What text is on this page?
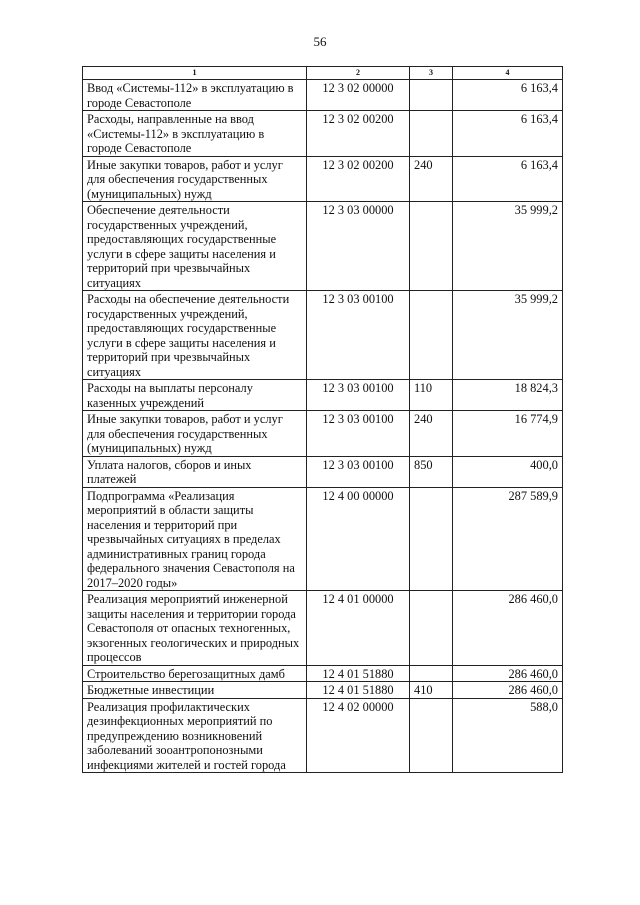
56
1	2	3	4
Ввод «Системы-112» в эксплуатацию в городе Севастополе	12 3 02 00000		6 163,4
Расходы, направленные на ввод «Системы-112» в эксплуатацию в городе Севастополе	12 3 02 00200		6 163,4
Иные закупки товаров, работ и услуг для обеспечения государственных (муниципальных) нужд	12 3 02 00200	240	6 163,4
Обеспечение деятельности государственных учреждений, предоставляющих государственные услуги в сфере защиты населения и территорий при чрезвычайных ситуациях	12 3 03 00000		35 999,2
Расходы на обеспечение деятельности государственных учреждений, предоставляющих государственные услуги в сфере защиты населения и территорий при чрезвычайных ситуациях	12 3 03 00100		35 999,2
Расходы на выплаты персоналу казенных учреждений	12 3 03 00100	110	18 824,3
Иные закупки товаров, работ и услуг для обеспечения государственных (муниципальных) нужд	12 3 03 00100	240	16 774,9
Уплата налогов, сборов и иных платежей	12 3 03 00100	850	400,0
Подпрограмма «Реализация мероприятий в области защиты населения и территорий при чрезвычайных ситуациях в пределах административных границ города федерального значения Севастополя на 2017–2020 годы»	12 4 00 00000		287 589,9
Реализация мероприятий инженерной защиты населения и территории города Севастополя от опасных техногенных, экзогенных геологических и природных процессов	12 4 01 00000		286 460,0
Строительство берегозащитных дамб	12 4 01 51880		286 460,0
Бюджетные инвестиции	12 4 01 51880	410	286 460,0
Реализация профилактических дезинфекционных мероприятий по предупреждению возникновений заболеваний зооантропонозными инфекциями жителей и гостей города	12 4 02 00000		588,0
